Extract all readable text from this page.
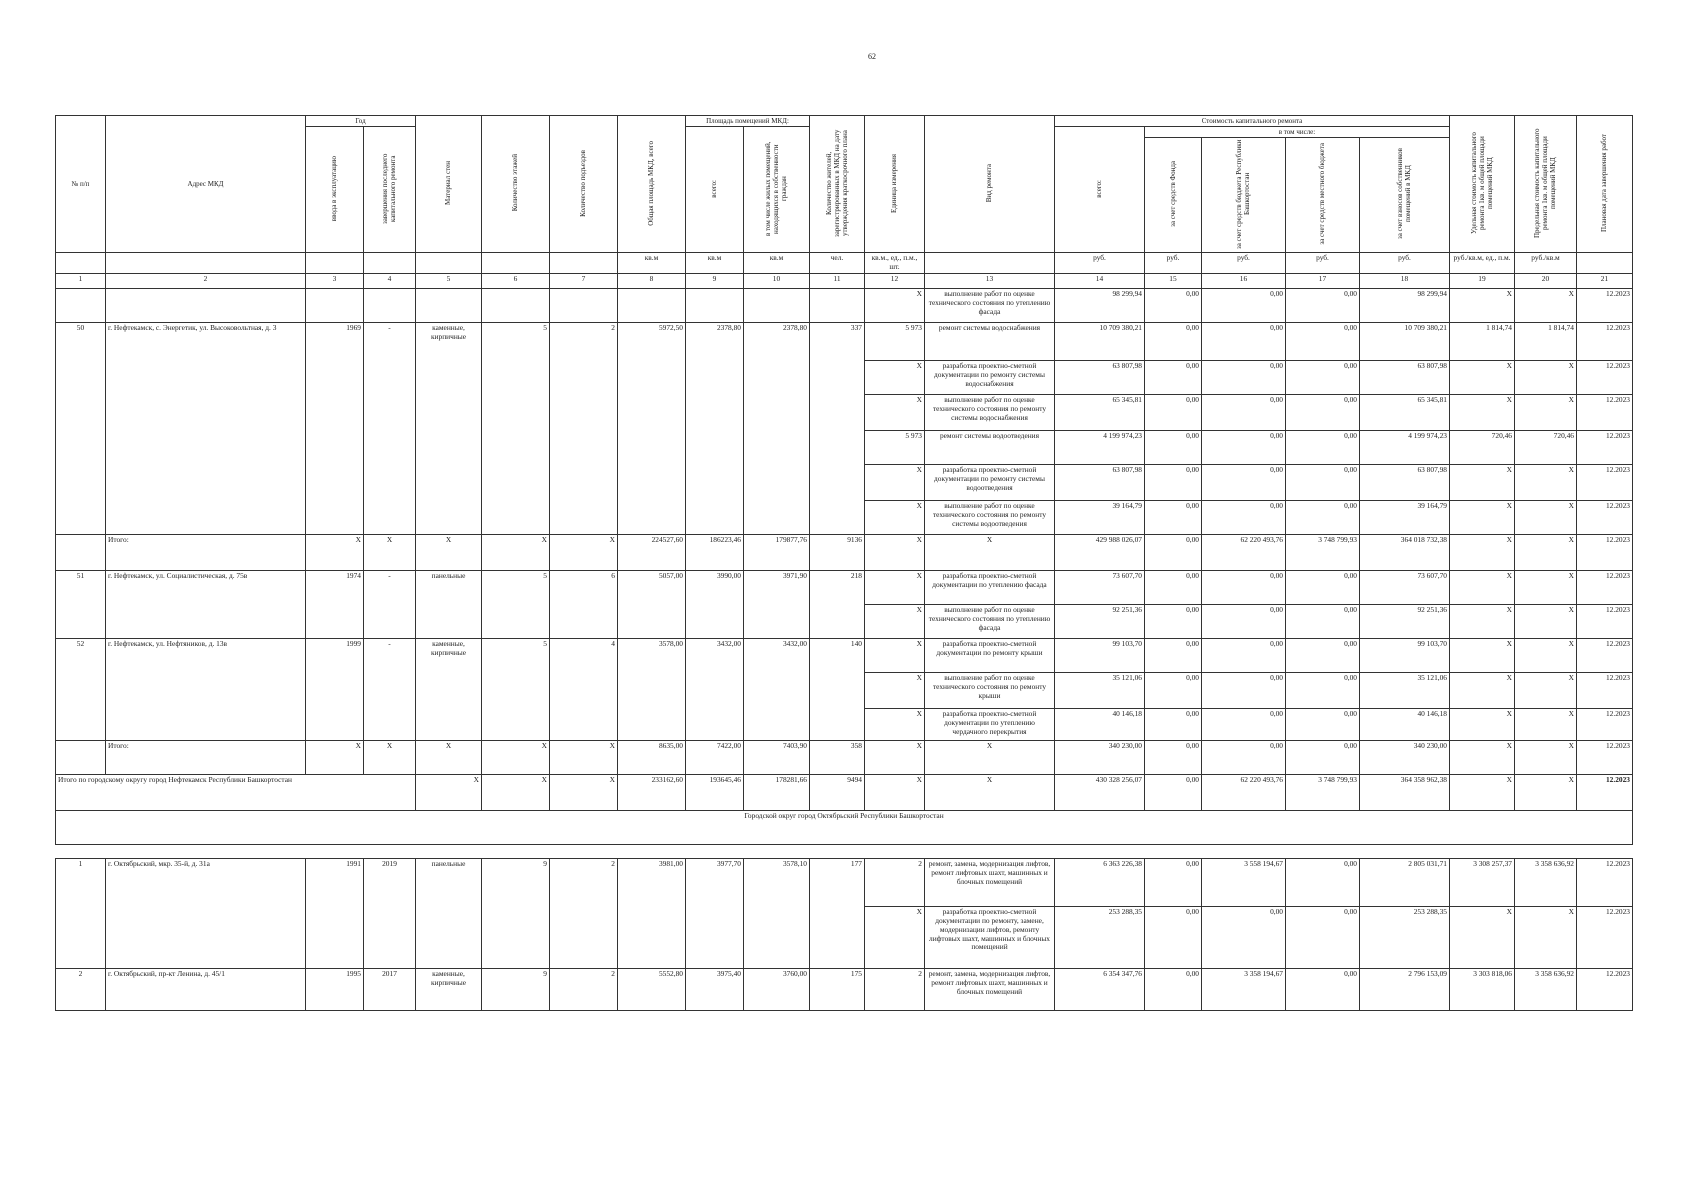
62
№ п/п	Адрес МКД	Год		Материал стен	Количество этажей	Количество подъездов	Общая площадь МКД, всего	Площадь помещений МКД:		Количество жителей, зарегистрированных в МКД на дату утверждения краткосрочного плана	Единица измерения	Вид ремонта	Стоимость капитального ремонта					Удельная стоимость капитального ремонта 1кв. м общей площади помещений МКД	Предельная стоимость капитального ремонта 1кв. м общей площади помещений МКД	Плановая дата завершения работ
		ввода в эксплуатацию	завершения последнего капитального ремонта					всего:	в том числе жилых помещений, находящихся в собственности граждан				всего:	в том числе:						
														за счет средств Фонда	за счет средств бюджета Республики Башкортостан	за счет средств местного бюджета	за счет взносов собственников помещений в МКД			
							кв.м	кв.м	кв.м	чел.	кв.м., ед., п.м., шт.		руб.	руб.	руб.	руб.	руб.	руб./кв.м, ед., п.м.	руб./кв.м	
1	2	3	4	5	6	7	8	9	10	11	12	13	14	15	16	17	18	19	20	21
											X	выполнение работ по оценке технического состояния по утеплению фасада	98 299,94	0,00	0,00	0,00	98 299,94	X	X	12.2023
50	г. Нефтекамск, с. Энергетик, ул. Высоковольтная, д. 3	1969	-	каменные, кирпичные	5	2	5972,50	2378,80	2378,80	337	5 973	ремонт системы водоснабжения	10 709 380,21	0,00	0,00	0,00	10 709 380,21	1 814,74	1 814,74	12.2023
											X	разработка проектно-сметной документации по ремонту системы водоснабжения	63 807,98	0,00	0,00	0,00	63 807,98	X	X	12.2023
											X	выполнение работ по оценке технического состояния по ремонту системы водоснабжения	65 345,81	0,00	0,00	0,00	65 345,81	X	X	12.2023
											5 973	ремонт системы водоотведения	4 199 974,23	0,00	0,00	0,00	4 199 974,23	720,46	720,46	12.2023
											X	разработка проектно-сметной документации по ремонту системы водоотведения	63 807,98	0,00	0,00	0,00	63 807,98	X	X	12.2023
											X	выполнение работ по оценке технического состояния по ремонту системы водоотведения	39 164,79	0,00	0,00	0,00	39 164,79	X	X	12.2023
	Итого:	X	X	X	X	X	224527,60	186223,46	179877,76	9136	X	X	429 988 026,07	0,00	62 220 493,76	3 748 799,93	364 018 732,38	X	X	12.2023
51	г. Нефтекамск, ул. Социалистическая, д. 75в	1974	-	панельные	5	6	5057,00	3990,00	3971,90	218	X	разработка проектно-сметной документации по утеплению фасада	73 607,70	0,00	0,00	0,00	73 607,70	X	X	12.2023
											X	выполнение работ по оценке технического состояния по утеплению фасада	92 251,36	0,00	0,00	0,00	92 251,36	X	X	12.2023
52	г. Нефтекамск, ул. Нефтяников, д. 13в	1999	-	каменные, кирпичные	5	4	3578,00	3432,00	3432,00	140	X	разработка проектно-сметной документации по ремонту крыши	99 103,70	0,00	0,00	0,00	99 103,70	X	X	12.2023
											X	выполнение работ по оценке технического состояния по ремонту крыши	35 121,06	0,00	0,00	0,00	35 121,06	X	X	12.2023
											X	разработка проектно-сметной документации по утеплению чердачного перекрытия	40 146,18	0,00	0,00	0,00	40 146,18	X	X	12.2023
	Итого:	X	X	X	X	X	8635,00	7422,00	7403,90	358	X	X	340 230,00	0,00	0,00	0,00	340 230,00	X	X	12.2023
Итого по городскому округу город Нефтекамск Республики Башкортостан				X	X	X	233162,60	193645,46	178281,66	9494	X	X	430 328 256,07	0,00	62 220 493,76	3 748 799,93	364 358 962,38	X	X	12.2023
Городской округ город Октябрьский Республики Башкортостан																				

1	г. Октябрьский, мкр. 35-й, д. 31а	1991	2019	панельные	9	2	3981,00	3977,70	3578,10	177	2	ремонт, замена, модернизация лифтов, ремонт лифтовых шахт, машинных и блочных помещений	6 363 226,38	0,00	3 558 194,67	0,00	2 805 031,71	3 308 257,37	3 358 636,92	12.2023
											X	разработка проектно-сметной документации по ремонту, замене, модернизации лифтов, ремонту лифтовых шахт, машинных и блочных помещений	253 288,35	0,00	0,00	0,00	253 288,35	X	X	12.2023
2	г. Октябрьский, пр-кт Ленина, д. 45/1	1995	2017	каменные, кирпичные	9	2	5552,80	3975,40	3760,00	175	2	ремонт, замена, модернизация лифтов, ремонт лифтовых шахт, машинных и блочных помещений	6 354 347,76	0,00	3 358 194,67	0,00	2 796 153,09	3 303 818,06	3 358 636,92	12.2023
